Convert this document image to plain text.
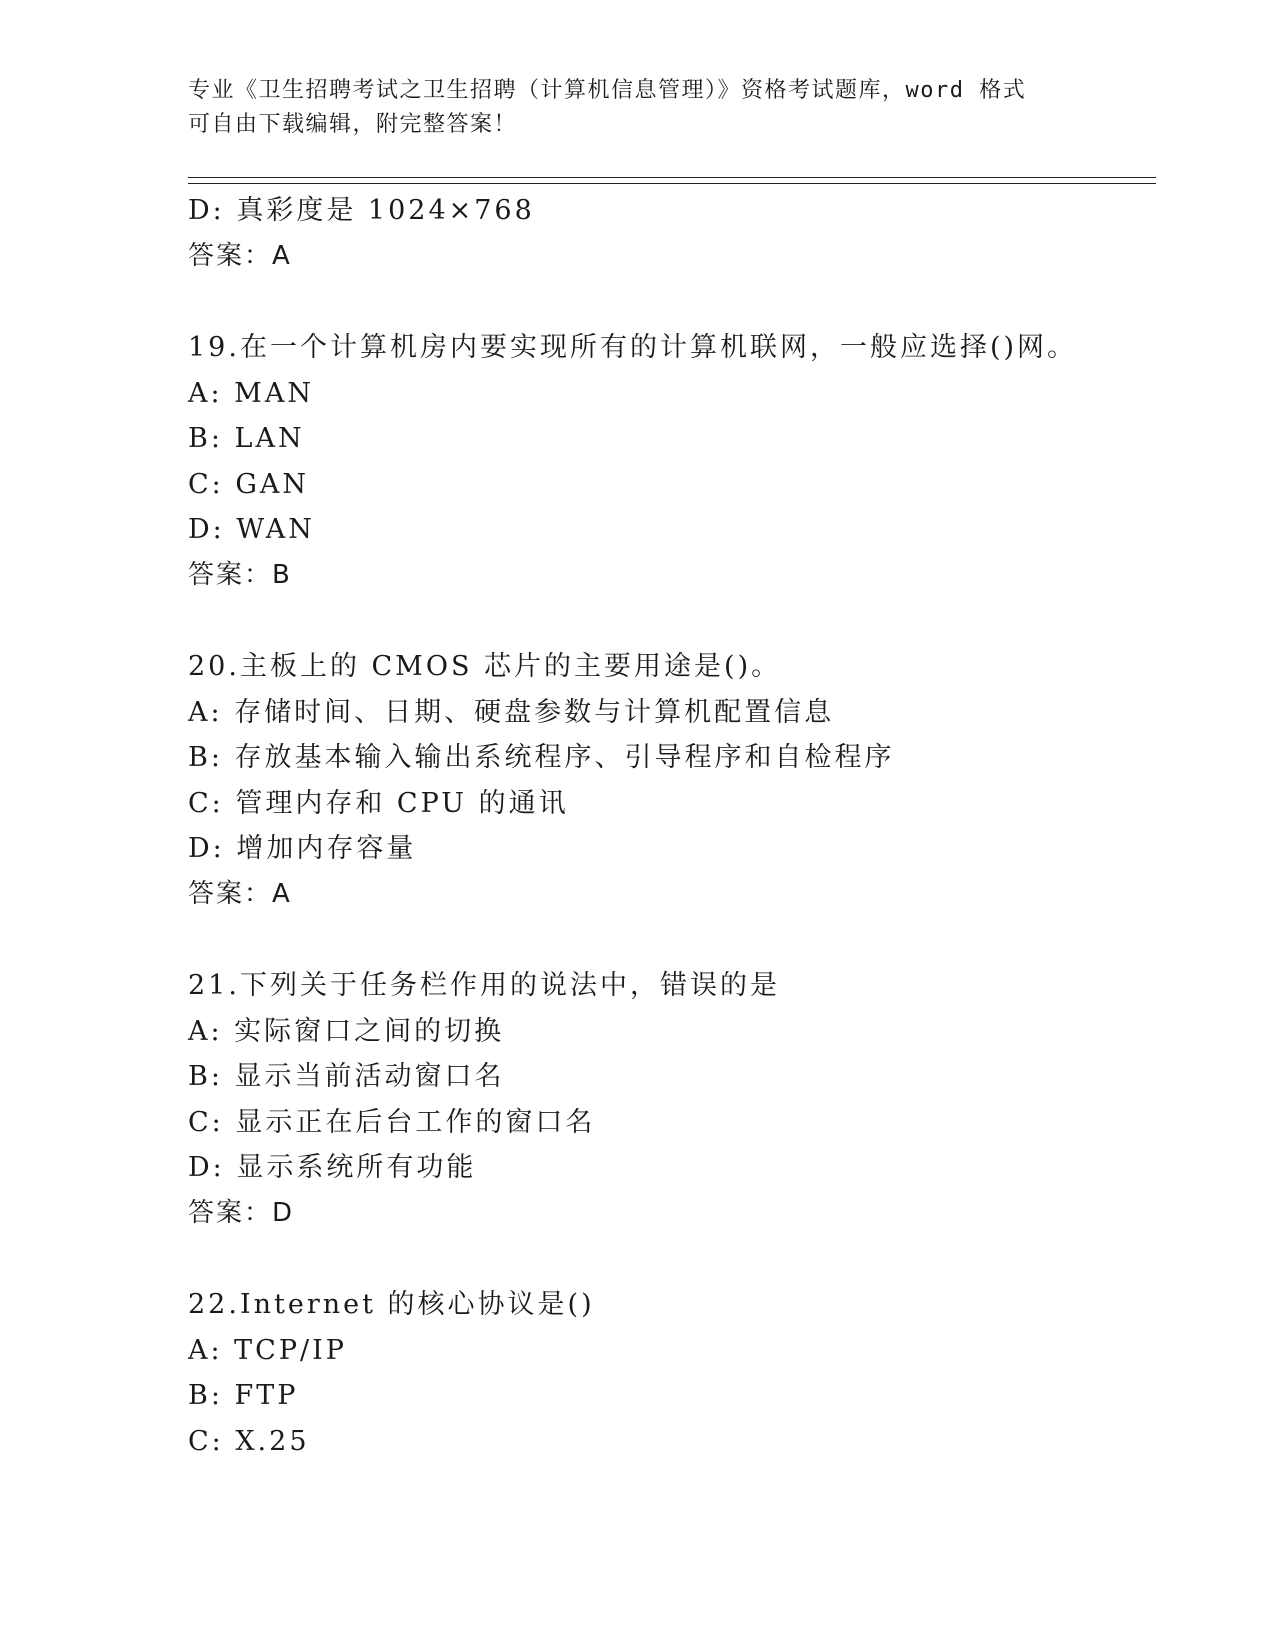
专业《卫生招聘考试之卫生招聘（计算机信息管理）》资格考试题库，word 格式
可自由下载编辑，附完整答案！
D: 真彩度是 1024×768
答案：A
19.在一个计算机房内要实现所有的计算机联网，一般应选择()网。
A: MAN
B: LAN
C: GAN
D: WAN
答案：B
20.主板上的 CMOS 芯片的主要用途是()。
A: 存储时间、日期、硬盘参数与计算机配置信息
B: 存放基本输入输出系统程序、引导程序和自检程序
C: 管理内存和 CPU 的通讯
D: 增加内存容量
答案：A
21.下列关于任务栏作用的说法中，错误的是
A: 实际窗口之间的切换
B: 显示当前活动窗口名
C: 显示正在后台工作的窗口名
D: 显示系统所有功能
答案：D
22.Internet 的核心协议是()
A: TCP/IP
B: FTP
C: X.25
